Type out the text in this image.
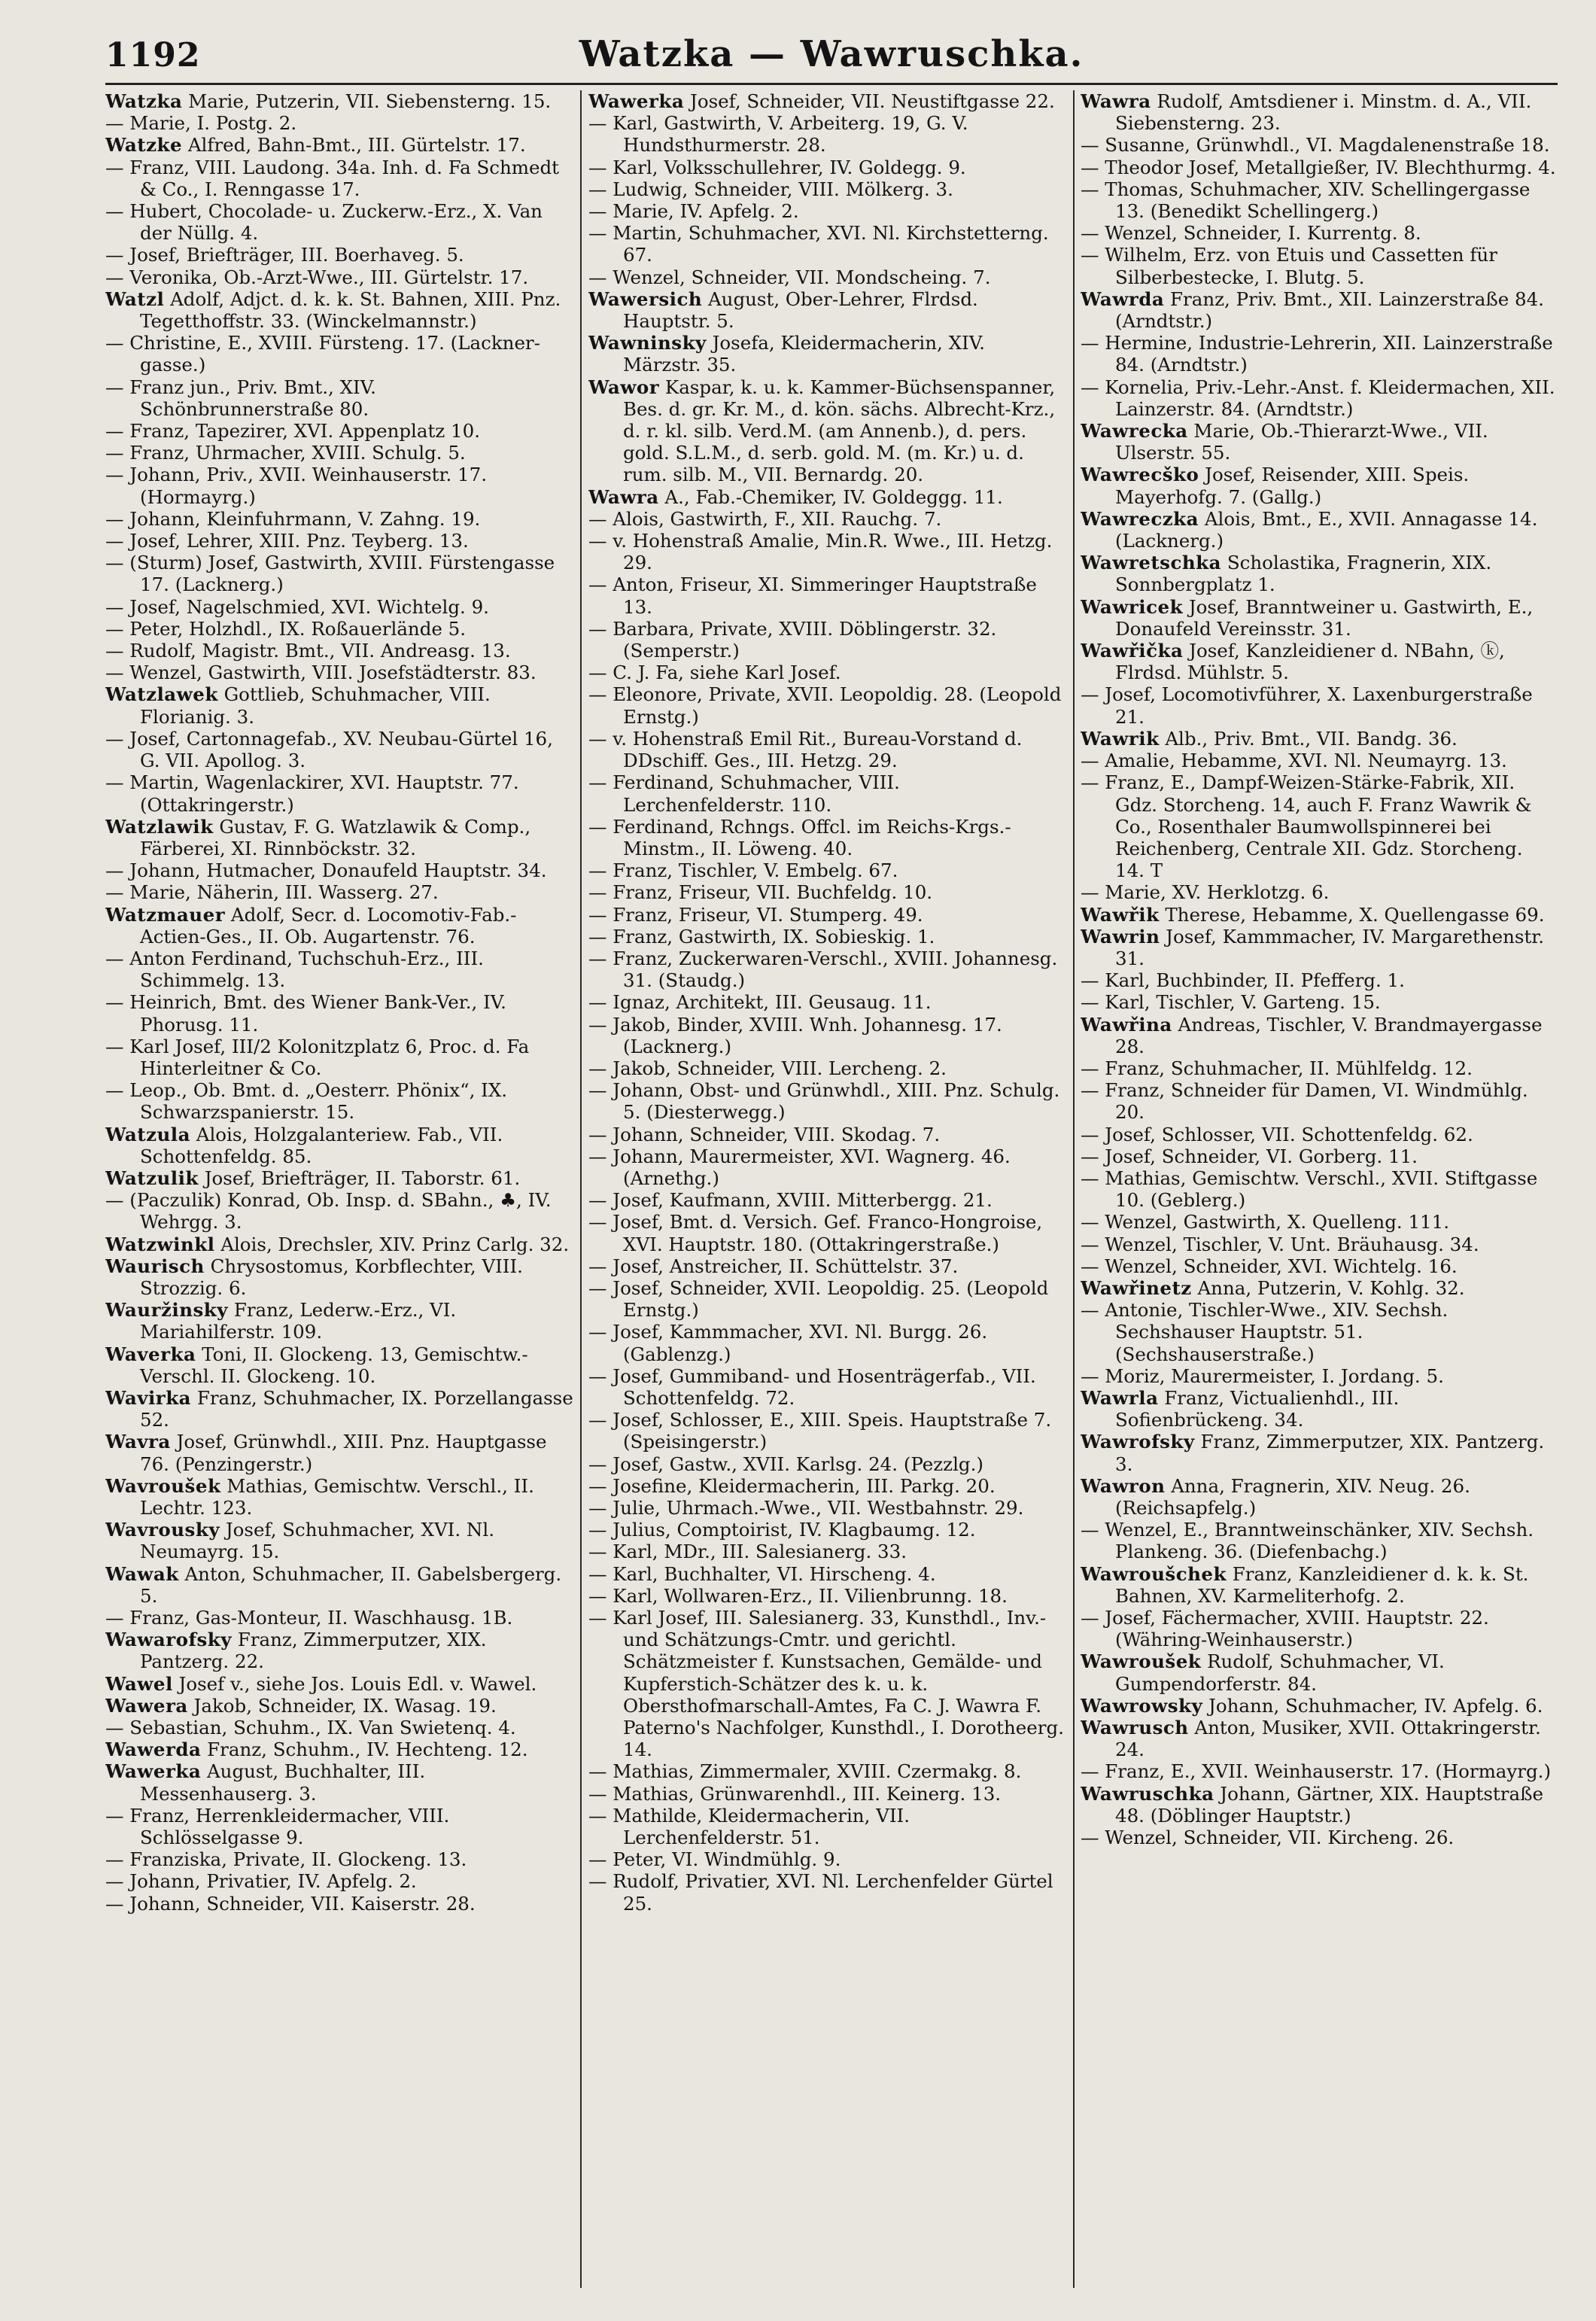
1192	Watzka — Wawruschka.
Watzka Marie, Putzerin, VII. Siebensterng. 15.
— Marie, I. Postg. 2.
Watzke Alfred, Bahn-Bmt., III. Gürtelstr. 17.
— Franz, VIII. Laudong. 34a. Inh. d. Fa Schmedt & Co., I. Renngasse 17.
— Hubert, Chocolade- u. Zuckerw.-Erz., X. Van der Nüllg. 4.
— Josef, Briefträger, III. Boerhaveg. 5.
— Veronika, Ob.-Arzt-Wwe., III. Gürtelstr. 17.
Watzl Adolf, Adjct. d. k. k. St. Bahnen, XIII. Pnz. Tegetthoffstr. 33. (Winckelmannstr.)
— Christine, E., XVIII. Fürsteng. 17. (Lackner-gasse.)
— Franz jun., Priv. Bmt., XIV. Schönbrunnerstraße 80.
— Franz, Tapezirer, XVI. Appenplatz 10.
— Franz, Uhrmacher, XVIII. Schulg. 5.
— Johann, Priv., XVII. Weinhauserstr. 17. (Hormayrg.)
— Johann, Kleinfuhrmann, V. Zahng. 19.
— Josef, Lehrer, XIII. Pnz. Teyberg. 13.
— (Sturm) Josef, Gastwirth, XVIII. Fürstengasse 17. (Lacknerg.)
— Josef, Nagelschmied, XVI. Wichtelg. 9.
— Peter, Holzhdl., IX. Roßauerlände 5.
— Rudolf, Magistr. Bmt., VII. Andreasg. 13.
— Wenzel, Gastwirth, VIII. Josefstädterstr. 83.
Watzlawek Gottlieb, Schuhmacher, VIII. Florianig. 3.
— Josef, Cartonnagefab., XV. Neubau-Gürtel 16, G. VII. Apollog. 3.
— Martin, Wagenlackirer, XVI. Hauptstr. 77. (Ottakringerstr.)
Watzlawik Gustav, F. G. Watzlawik & Comp., Färberei, XI. Rinnböckstr. 32.
— Johann, Hutmacher, Donaufeld Hauptstr. 34.
— Marie, Näherin, III. Wasserg. 27.
Watzmauer Adolf, Secr. d. Locomotiv-Fab.-Actien-Ges., II. Ob. Augartenstr. 76.
— Anton Ferdinand, Tuchschuh-Erz., III. Schimmelg. 13.
— Heinrich, Bmt. des Wiener Bank-Ver., IV. Phorusg. 11.
— Karl Josef, III/2 Kolonitzplatz 6, Proc. d. Fa Hinterleitner & Co.
— Leop., Ob. Bmt. d. „Oesterr. Phönix“, IX. Schwarzspanierstr. 15.
Watzula Alois, Holzgalanteriew. Fab., VII. Schottenfeldg. 85.
Watzulik Josef, Briefträger, II. Taborstr. 61.
— (Paczulik) Konrad, Ob. Insp. d. SBahn., ♣, IV. Wehrgg. 3.
Watzwinkl Alois, Drechsler, XIV. Prinz Carlg. 32.
Waurisch Chrysostomus, Korbflechter, VIII. Strozzig. 6.
Wauržinsky Franz, Lederw.-Erz., VI. Mariahilferstr. 109.
Waverka Toni, II. Glockeng. 13, Gemischtw.-Verschl. II. Glockeng. 10.
Wavirka Franz, Schuhmacher, IX. Porzellangasse 52.
Wavra Josef, Grünwhdl., XIII. Pnz. Hauptgasse 76. (Penzingerstr.)
Wavroušek Mathias, Gemischtw. Verschl., II. Lechtr. 123.
Wavrousky Josef, Schuhmacher, XVI. Nl. Neumayrg. 15.
Wawak Anton, Schuhmacher, II. Gabelsbergerg. 5.
— Franz, Gas-Monteur, II. Waschhausg. 1B.
Wawarofsky Franz, Zimmerputzer, XIX. Pantzerg. 22.
Wawel Josef v., siehe Jos. Louis Edl. v. Wawel.
Wawera Jakob, Schneider, IX. Wasag. 19.
— Sebastian, Schuhm., IX. Van Swietenq. 4.
Wawerda Franz, Schuhm., IV. Hechteng. 12.
Wawerka August, Buchhalter, III. Messenhauserg. 3.
— Franz, Herrenkleidermacher, VIII. Schlösselgasse 9.
— Franziska, Private, II. Glockeng. 13.
— Johann, Privatier, IV. Apfelg. 2.
— Johann, Schneider, VII. Kaiserstr. 28.
Wawerka Josef, Schneider, VII. Neustiftgasse 22.
— Karl, Gastwirth, V. Arbeiterg. 19, G. V. Hundsthurmerstr. 28.
— Karl, Volksschullehrer, IV. Goldegg. 9.
— Ludwig, Schneider, VIII. Mölkerg. 3.
— Marie, IV. Apfelg. 2.
— Martin, Schuhmacher, XVI. Nl. Kirchstetterng. 67.
— Wenzel, Schneider, VII. Mondscheing. 7.
Wawersich August, Ober-Lehrer, Flrdsd. Hauptstr. 5.
Wawninsky Josefa, Kleidermacherin, XIV. Märzstr. 35.
Wawor Kaspar, k. u. k. Kammer-Büchsenspanner, Bes. d. gr. Kr. M., d. kön. sächs. Albrecht-Krz., d. r. kl. silb. Verd.M. (am Annenb.), d. pers. gold. S.L.M., d. serb. gold. M. (m. Kr.) u. d. rum. silb. M., VII. Bernardg. 20.
Wawra A., Fab.-Chemiker, IV. Goldeggg. 11.
— Alois, Gastwirth, F., XII. Rauchg. 7.
— v. Hohenstraß Amalie, Min.R. Wwe., III. Hetzg. 29.
— Anton, Friseur, XI. Simmeringer Hauptstraße 13.
— Barbara, Private, XVIII. Döblingerstr. 32. (Semperstr.)
— C. J. Fa, siehe Karl Josef.
— Eleonore, Private, XVII. Leopoldig. 28. (Leopold Ernstg.)
— v. Hohenstraß Emil Rit., Bureau-Vorstand d. DDschiff. Ges., III. Hetzg. 29.
— Ferdinand, Schuhmacher, VIII. Lerchenfelderstr. 110.
— Ferdinand, Rchngs. Offcl. im Reichs-Krgs.-Minstm., II. Löweng. 40.
— Franz, Tischler, V. Embelg. 67.
— Franz, Friseur, VII. Buchfeldg. 10.
— Franz, Friseur, VI. Stumperg. 49.
— Franz, Gastwirth, IX. Sobieskig. 1.
— Franz, Zuckerwaren-Verschl., XVIII. Johannesg. 31. (Staudg.)
— Ignaz, Architekt, III. Geusaug. 11.
— Jakob, Binder, XVIII. Wnh. Johannesg. 17. (Lacknerg.)
— Jakob, Schneider, VIII. Lercheng. 2.
— Johann, Obst- und Grünwhdl., XIII. Pnz. Schulg. 5. (Diesterwegg.)
— Johann, Schneider, VIII. Skodag. 7.
— Johann, Maurermeister, XVI. Wagnerg. 46. (Arnethg.)
— Josef, Kaufmann, XVIII. Mitterbergg. 21.
— Josef, Bmt. d. Versich. Gef. Franco-Hongroise, XVI. Hauptstr. 180. (Ottakringerstraße.)
— Josef, Anstreicher, II. Schüttelstr. 37.
— Josef, Schneider, XVII. Leopoldig. 25. (Leopold Ernstg.)
— Josef, Kammmacher, XVI. Nl. Burgg. 26. (Gablenzg.)
— Josef, Gummiband- und Hosenträgerfab., VII. Schottenfeldg. 72.
— Josef, Schlosser, E., XIII. Speis. Hauptstraße 7. (Speisingerstr.)
— Josef, Gastw., XVII. Karlsg. 24. (Pezzlg.)
— Josefine, Kleidermacherin, III. Parkg. 20.
— Julie, Uhrmach.-Wwe., VII. Westbahnstr. 29.
— Julius, Comptoirist, IV. Klagbaumg. 12.
— Karl, MDr., III. Salesianerg. 33.
— Karl, Buchhalter, VI. Hirscheng. 4.
— Karl, Wollwaren-Erz., II. Vilienbrunng. 18.
— Karl Josef, III. Salesianerg. 33, Kunsthdl., Inv.- und Schätzungs-Cmtr. und gerichtl. Schätzmeister f. Kunstsachen, Gemälde- und Kupferstich-Schätzer des k. u. k. Obersthofmarschall-Amtes, Fa C. J. Wawra F. Paterno's Nachfolger, Kunsthdl., I. Dorotheerg. 14.
— Mathias, Zimmermaler, XVIII. Czermakg. 8.
— Mathias, Grünwarenhdl., III. Keinerg. 13.
— Mathilde, Kleidermacherin, VII. Lerchenfelderstr. 51.
— Peter, VI. Windmühlg. 9.
— Rudolf, Privatier, XVI. Nl. Lerchenfelder Gürtel 25.
Wawra Rudolf, Amtsdiener i. Minstm. d. A., VII. Siebensterng. 23.
— Susanne, Grünwhdl., VI. Magdalenenstraße 18.
— Theodor Josef, Metallgießer, IV. Blechthurmg. 4.
— Thomas, Schuhmacher, XIV. Schellingergasse 13. (Benedikt Schellingerg.)
— Wenzel, Schneider, I. Kurrentg. 8.
— Wilhelm, Erz. von Etuis und Cassetten für Silberbestecke, I. Blutg. 5.
Wawrda Franz, Priv. Bmt., XII. Lainzerstraße 84. (Arndtstr.)
— Hermine, Industrie-Lehrerin, XII. Lainzerstraße 84. (Arndtstr.)
— Kornelia, Priv.-Lehr.-Anst. f. Kleidermachen, XII. Lainzerstr. 84. (Arndtstr.)
Wawrecka Marie, Ob.-Thierarzt-Wwe., VII. Ulserstr. 55.
Wawrecško Josef, Reisender, XIII. Speis. Mayerhofg. 7. (Gallg.)
Wawreczka Alois, Bmt., E., XVII. Annagasse 14. (Lacknerg.)
Wawretschka Scholastika, Fragnerin, XIX. Sonnbergplatz 1.
Wawricek Josef, Branntweiner u. Gastwirth, E., Donaufeld Vereinsstr. 31.
Wawřička Josef, Kanzleidiener d. NBahn, ⓚ, Flrdsd. Mühlstr. 5.
— Josef, Locomotivführer, X. Laxenburgerstraße 21.
Wawrik Alb., Priv. Bmt., VII. Bandg. 36.
— Amalie, Hebamme, XVI. Nl. Neumayrg. 13.
— Franz, E., Dampf-Weizen-Stärke-Fabrik, XII. Gdz. Storcheng. 14, auch F. Franz Wawrik & Co., Rosenthaler Baumwollspinnerei bei Reichenberg, Centrale XII. Gdz. Storcheng. 14. T
— Marie, XV. Herklotzg. 6.
Wawřik Therese, Hebamme, X. Quellengasse 69.
Wawrin Josef, Kammmacher, IV. Margarethenstr. 31.
— Karl, Buchbinder, II. Pfefferg. 1.
— Karl, Tischler, V. Garteng. 15.
Wawřina Andreas, Tischler, V. Brandmayergasse 28.
— Franz, Schuhmacher, II. Mühlfeldg. 12.
— Franz, Schneider für Damen, VI. Windmühlg. 20.
— Josef, Schlosser, VII. Schottenfeldg. 62.
— Josef, Schneider, VI. Gorberg. 11.
— Mathias, Gemischtw. Verschl., XVII. Stiftgasse 10. (Geblerg.)
— Wenzel, Gastwirth, X. Quelleng. 111.
— Wenzel, Tischler, V. Unt. Bräuhausg. 34.
— Wenzel, Schneider, XVI. Wichtelg. 16.
Wawřinetz Anna, Putzerin, V. Kohlg. 32.
— Antonie, Tischler-Wwe., XIV. Sechsh. Sechshauser Hauptstr. 51. (Sechshauserstraße.)
— Moriz, Maurermeister, I. Jordang. 5.
Wawrla Franz, Victualienhdl., III. Sofienbrückeng. 34.
Wawrofsky Franz, Zimmerputzer, XIX. Pantzerg. 3.
Wawron Anna, Fragnerin, XIV. Neug. 26. (Reichsapfelg.)
— Wenzel, E., Branntweinschänker, XIV. Sechsh. Plankeng. 36. (Diefenbachg.)
Wawroušchek Franz, Kanzleidiener d. k. k. St. Bahnen, XV. Karmeliterhofg. 2.
— Josef, Fächermacher, XVIII. Hauptstr. 22. (Währing-Weinhauserstr.)
Wawroušek Rudolf, Schuhmacher, VI. Gumpendorferstr. 84.
Wawrowsky Johann, Schuhmacher, IV. Apfelg. 6.
Wawrusch Anton, Musiker, XVII. Ottakringerstr. 24.
— Franz, E., XVII. Weinhauserstr. 17. (Hormayrg.)
Wawruschka Johann, Gärtner, XIX. Hauptstraße 48. (Döblinger Hauptstr.)
— Wenzel, Schneider, VII. Kircheng. 26.
